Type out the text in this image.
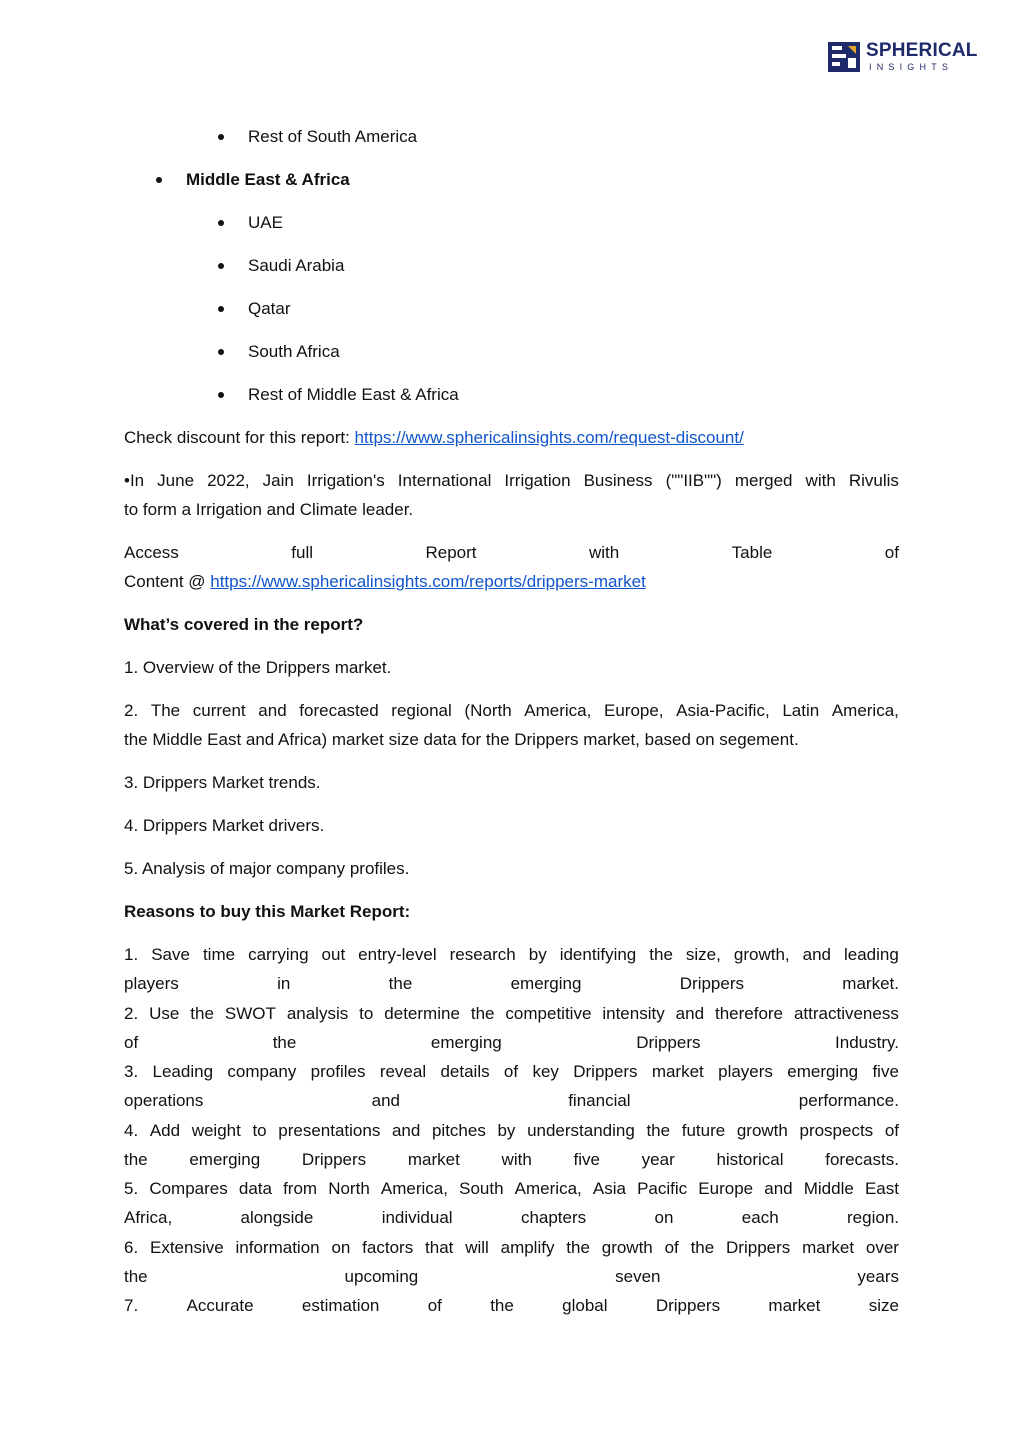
SPHERICAL
INSIGHTS
Rest of South America
Middle East & Africa
UAE
Saudi Arabia
Qatar
South Africa
Rest of Middle East & Africa
Check discount for this report: https://www.sphericalinsights.com/request-discount/
•In June 2022, Jain Irrigation's International Irrigation Business (""IIB"") merged with Rivulis
to form a Irrigation and Climate leader.
Access	full	Report	with	Table	of
Content @ https://www.sphericalinsights.com/reports/drippers-market
What’s covered in the report?
1. Overview of the Drippers market.
2. The current and forecasted regional (North America, Europe, Asia-Pacific, Latin America,
the Middle East and Africa) market size data for the Drippers market, based on segement.
3. Drippers Market trends.
4. Drippers Market drivers.
5. Analysis of major company profiles.
Reasons to buy this Market Report:
1. Save time carrying out entry-level research by identifying the size, growth, and leading
players	in	the	emerging	Drippers	market.
2. Use the SWOT analysis to determine the competitive intensity and therefore attractiveness
of	the	emerging	Drippers	Industry.
3. Leading company profiles reveal details of key Drippers market players emerging five
operations	and	financial	performance.
4. Add weight to presentations and pitches by understanding the future growth prospects of
the emerging Drippers market with five year historical forecasts.
5. Compares data from North America, South America, Asia Pacific Europe and Middle East
Africa,	alongside	individual	chapters	on	each	region.
6. Extensive information on factors that will amplify the growth of the Drippers market over
the	upcoming	seven	years
7.	Accurate	estimation	of	the	global	Drippers	market	size
